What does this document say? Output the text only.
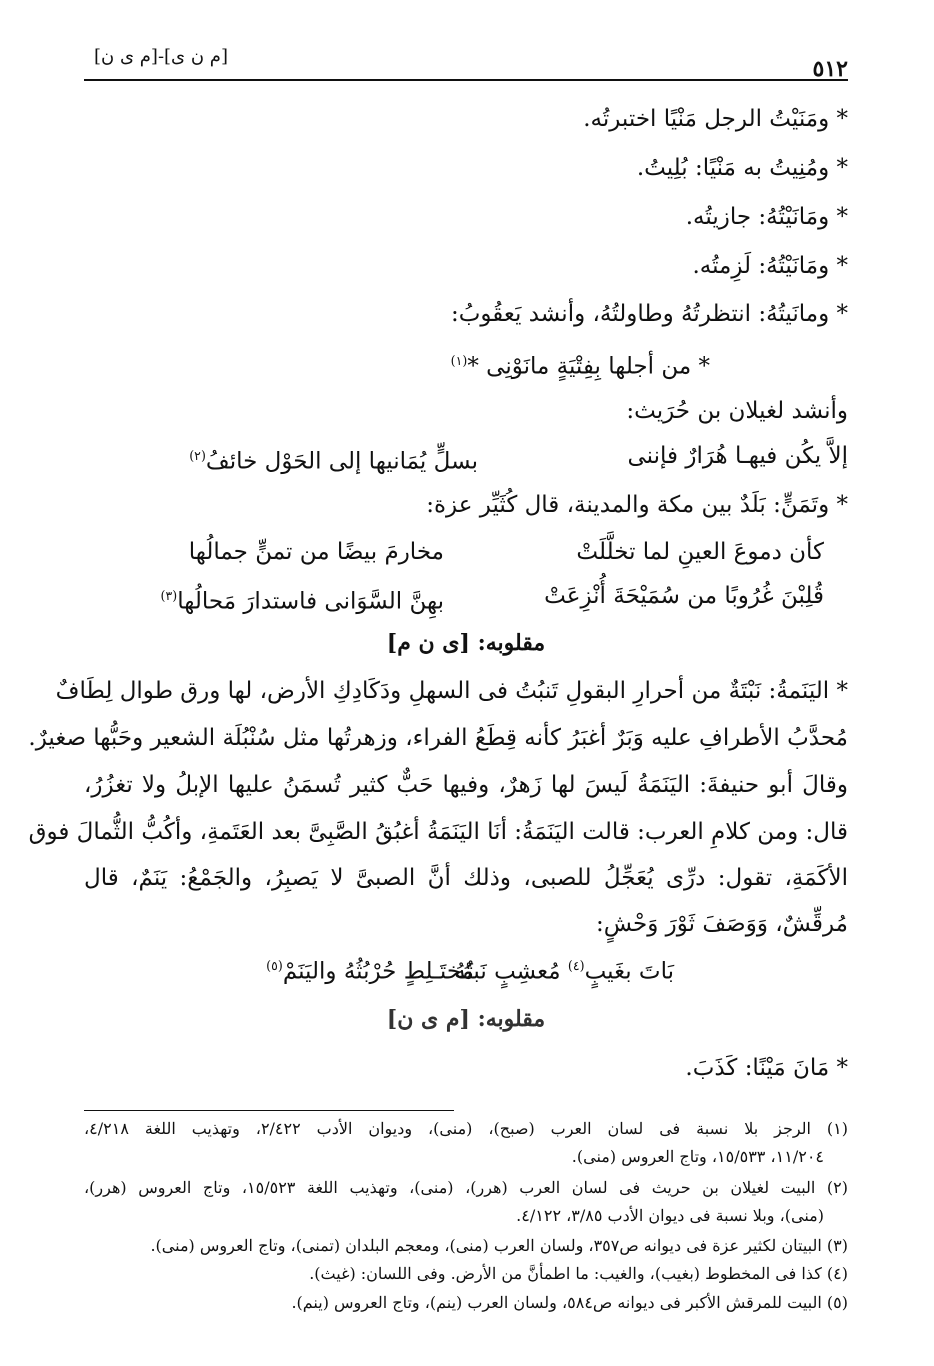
[م ن ى]-[م ى ن]	٥١٢
* ومَنَيْتُ الرجل مَنْيًا اختبرتُه.
* ومُنِيتُ به مَنْيًا: بُلِيتُ.
* ومَانَيْتُهُ: جازيتُه.
* ومَانَيْتُهُ: لَزِمتُه.
* ومانَيتُهُ: انتظرتُهُ وطاولتُهُ، وأنشد يَعقُوبُ:
* من أجلها بِفِتْيَةٍ مانَوْنِى *$^{(١)}$
وأنشد لغيلان بن حُرَيث:
إلاَّ يكُن فيهـا هُرَارٌ فإننى
بسلٍّ يُمَانيها إلى الحَوْل خائفُ$^{(٢)}$
* وتَمَنٍّ: بَلَدٌ بين مكة والمدينة، قال كُثَيِّر عزة:
كأن دموعَ العينِ لما تخلَّلَتْ
مخارمَ بيضًا من تمنٍّ جمالُها
قُلِبْنَ غُرُوبًا من سُمَيْحَةَ أُنْزِعَتْ
بهِنَّ السَّوَانى فاستدارَ مَحالُها$^{(٣)}$
مقلوبه: [ى ن م]
* اليَنَمةُ: نَبْتَةٌ من أحرارِ البقولِ تَنبُتُ فى السهلِ ودَكَادِكِ الأرض، لها ورق طوال لِطَافٌ
مُحدَّبُ الأطرافِ عليه وَبَرٌ أغبَرُ كأنه قِطَعُ الفراء، وزهرتُها مثل سُنْبُلَة الشعير وحَبُّها صغيرٌ.
وقالَ أبو حنيفةَ: اليَنَمَةُ لَيسَ لها زَهرٌ، وفيها حَبٌّ كثير تُسمَنُ عليها الإبلُ ولا تغزُرُ،
قال: ومن كلامِ العرب: قالت اليَنَمَةُ: أنَا اليَنَمَةُ أغبُقُ الصَّبِىَّ بعد العَتَمةِ، وأكُبُّ الثُّمالَ فوق
الأكَمَةِ، تقول: درِّى يُعَجِّلُ للصبى، وذلك أنَّ الصبىَّ لا يَصبِرُ، والجَمْعُ: يَنَمٌ، قال
مُرقِّشٌ، وَوَصَفَ ثَوْرَ وَحْشٍ:
بَاتَ بغَيبٍ$^{(٤)}$ مُعشِبٍ نَبتُهُ
مُختَـلِطٍ حُرْبُثُهُ واليَنَمْ$^{(٥)}$
مقلوبه: [م ى ن]
* مَانَ مَيْنًا: كَذَبَ.
(١) الرجز بلا نسبة فى لسان العرب (صبح)، (منى)، وديوان الأدب ٢/٤٢٢، وتهذيب اللغة ٤/٢١٨،
١١/٢٠٤، ١٥/٥٣٣، وتاج العروس (منى).
(٢) البيت لغيلان بن حريث فى لسان العرب (هرر)، (منى)، وتهذيب اللغة ١٥/٥٢٣، وتاج العروس (هرر)،
(منى)، وبلا نسبة فى ديوان الأدب ٣/٨٥، ٤/١٢٢.
(٣) البيتان لكثير عزة فى ديوانه ص٣٥٧، ولسان العرب (منى)، ومعجم البلدان (تمنى)، وتاج العروس (منى).
(٤) كذا فى المخطوط (بغيب)، والغيب: ما اطمأنَّ من الأرض. وفى اللسان: (غيث).
(٥) البيت للمرقش الأكبر فى ديوانه ص٥٨٤، ولسان العرب (ينم)، وتاج العروس (ينم).
